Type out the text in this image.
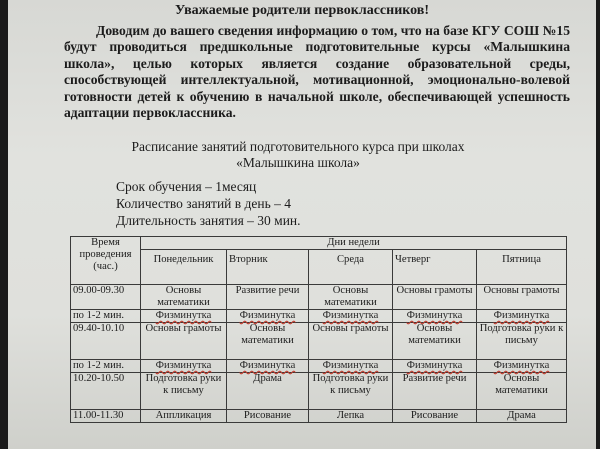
Уважаемые родители первоклассников!

Доводим до вашего сведения информацию о том, что на базе КГУ СОШ №15 будут проводиться предшкольные подготовительные курсы «Малышкина школа», целью которых является создание образовательной среды, способствующей интеллектуальной, мотивационной, эмоционально-волевой готовности детей к обучению в начальной школе, обеспечивающей успешность адаптации первоклассника.

Расписание занятий подготовительного курса при школах
«Малышкина школа»
Срок обучения – 1месяц
Количество занятий в день – 4
Длительность занятия – 30 мин.
Время проведения (час.)	Дни недели				
	Понедельник	Вторник	Среда	Четверг	Пятница
09.00-09.30	Основы математики	Развитие речи	Основы математики	Основы грамоты	Основы грамоты
по 1-2 мин.	Физминутка	Физминутка	Физминутка	Физминутка	Физминутка
09.40-10.10	Основы грамоты	Основы математики	Основы грамоты	Основы математики	Подготовка руки к письму
по 1-2 мин.	Физминутка	Физминутка	Физминутка	Физминутка	Физминутка
10.20-10.50	Подготовка руки к письму	Драма	Подготовка руки к письму	Развитие речи	Основы математики
11.00-11.30	Аппликация	Рисование	Лепка	Рисование	Драма
